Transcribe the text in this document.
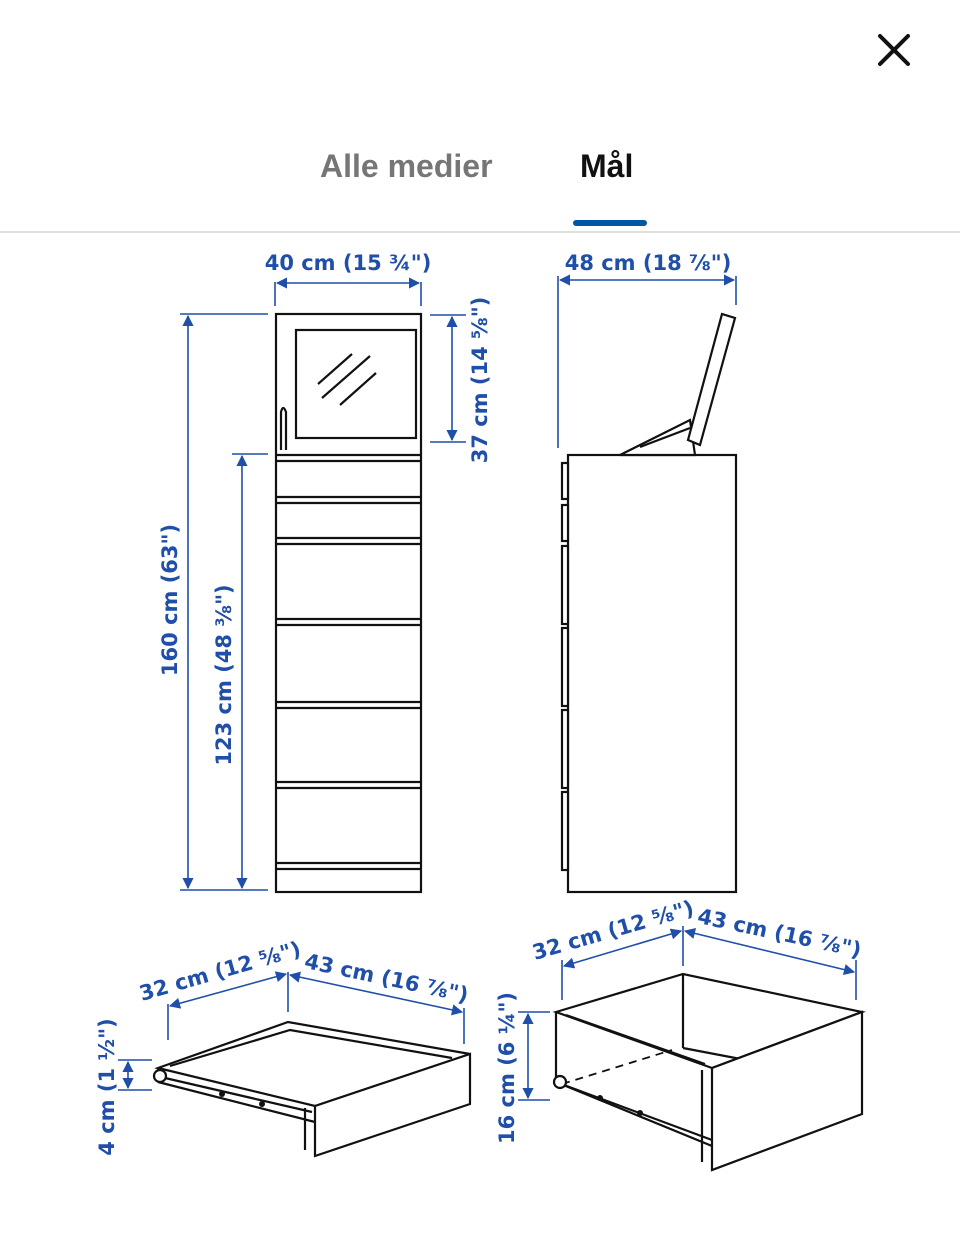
Alle medier	Mål
40 cm (15 ¾")
37 cm (14 ⅝")
160 cm (63") 123 cm (48 ⅜")
48 cm (18 ⅞")
32 cm (12 ⅝") 43 cm (16 ⅞")
4 cm (1 ½")
32 cm (12 ⅝") 43 cm (16 ⅞")
16 cm (6 ¼")
